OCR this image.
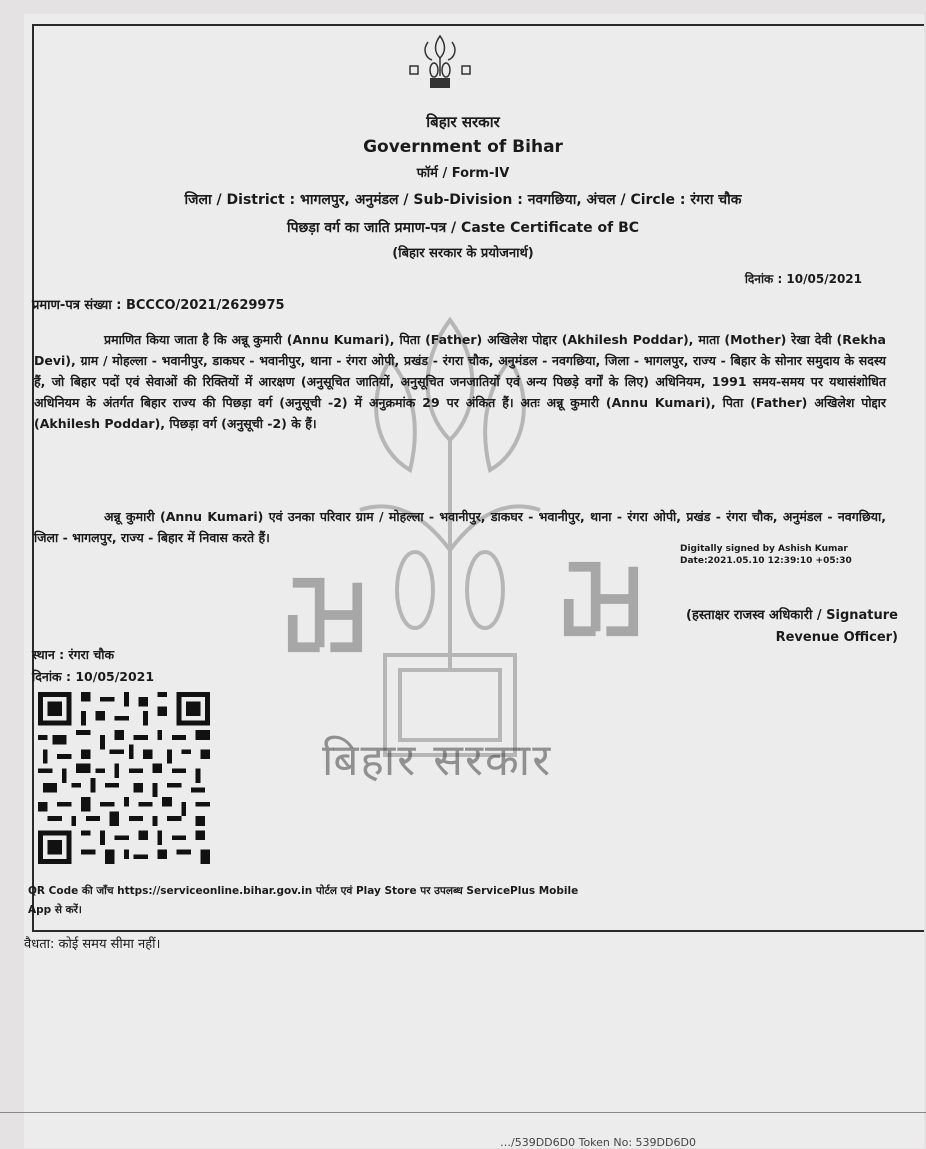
बिहार सरकार
बिहार सरकार
Government of Bihar
फॉर्म / Form-IV
जिला / District : भागलपुर, अनुमंडल / Sub-Division : नवगछिया, अंचल / Circle : रंगरा चौक
पिछड़ा वर्ग का जाति प्रमाण-पत्र / Caste Certificate of BC
(बिहार सरकार के प्रयोजनार्थ)
दिनांक : 10/05/2021
प्रमाण-पत्र संख्या : BCCCO/2021/2629975
प्रमाणित किया जाता है कि अन्नू कुमारी (Annu Kumari), पिता (Father) अखिलेश पोद्दार (Akhilesh Poddar), माता (Mother) रेखा देवी (Rekha Devi), ग्राम / मोहल्ला - भवानीपुर, डाकघर - भवानीपुर, थाना - रंगरा ओपी, प्रखंड - रंगरा चौक, अनुमंडल - नवगछिया, जिला - भागलपुर, राज्य - बिहार के सोनार समुदाय के सदस्य हैं, जो बिहार पदों एवं सेवाओं की रिक्तियों में आरक्षण (अनुसूचित जातियों, अनुसूचित जनजातियों एवं अन्य पिछड़े वर्गों के लिए) अधिनियम, 1991 समय-समय पर यथासंशोधित अधिनियम के अंतर्गत बिहार राज्य की पिछड़ा वर्ग (अनुसूची -2) में अनुक्रमांक 29 पर अंकित हैं। अतः अन्नू कुमारी (Annu Kumari), पिता (Father) अखिलेश पोद्दार (Akhilesh Poddar), पिछड़ा वर्ग (अनुसूची -2) के हैं।
अन्नू कुमारी (Annu Kumari) एवं उनका परिवार ग्राम / मोहल्ला - भवानीपुर, डाकघर - भवानीपुर, थाना - रंगरा ओपी, प्रखंड - रंगरा चौक, अनुमंडल - नवगछिया, जिला - भागलपुर, राज्य - बिहार में निवास करते हैं।
Digitally signed by Ashish Kumar
Date:2021.05.10 12:39:10 +05:30
(हस्ताक्षर राजस्व अधिकारी / Signature
Revenue Officer)
स्थान : रंगरा चौक
दिनांक : 10/05/2021
QR Code की जाँच https://serviceonline.bihar.gov.in पोर्टल एवं Play Store पर उपलब्ध ServicePlus Mobile App से करें।
वैधता: कोई समय सीमा नहीं।
…/539DD6D0 Token No: 539DD6D0
